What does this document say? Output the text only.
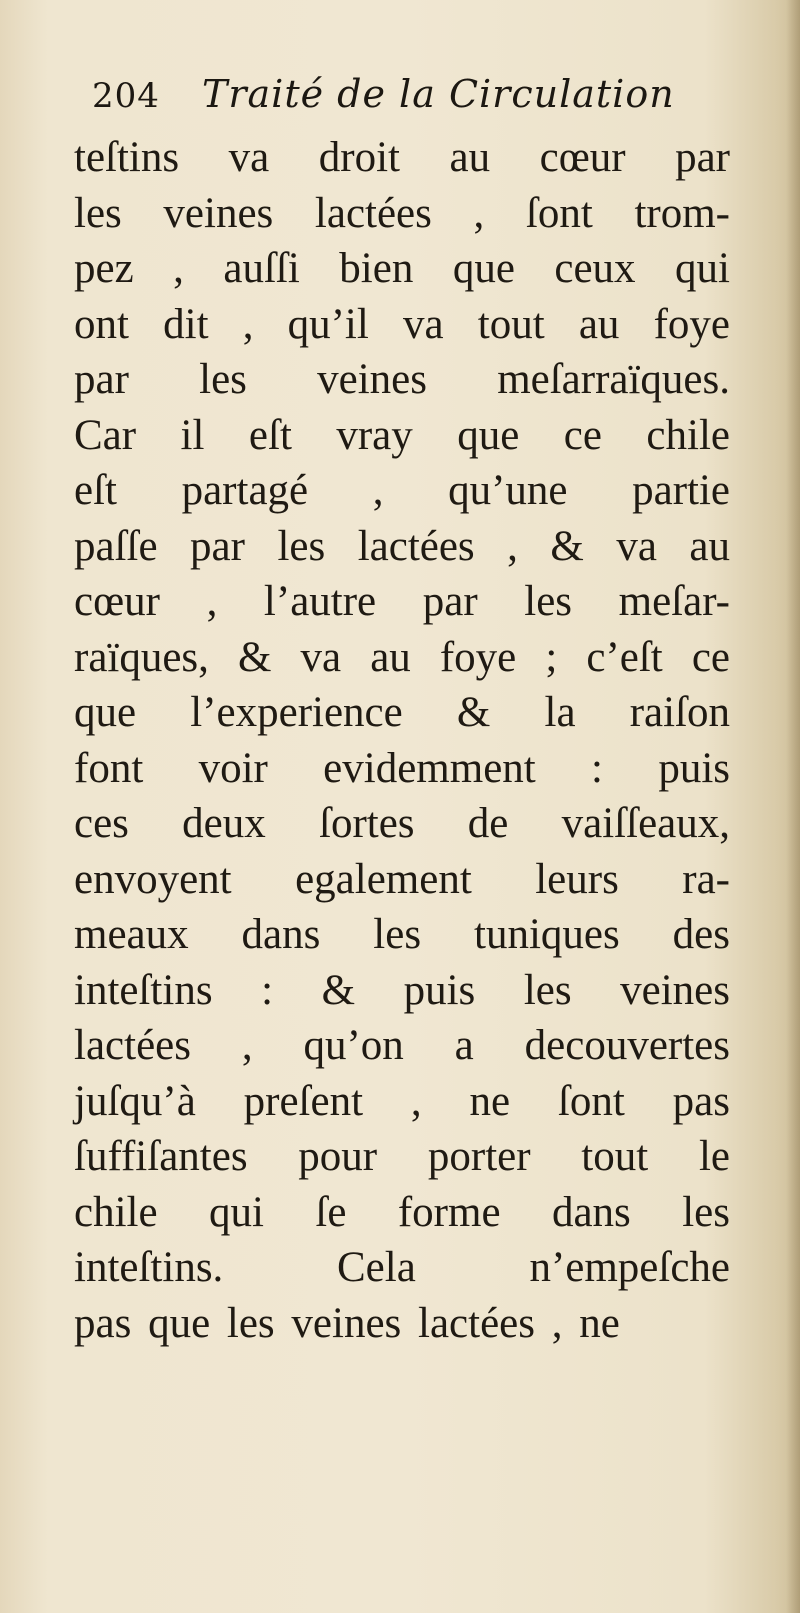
204 Traité de la Circulation
teſtins va droit au cœur par
les veines lactées , ſont trom-
pez , auſſi bien que ceux qui
ont dit , qu’il va tout au foye
par les veines meſarraïques.
Car il eſt vray que ce chile
eſt partagé , qu’une partie
paſſe par les lactées , & va au
cœur , l’autre par les meſar-
raïques, & va au foye ; c’eſt ce
que l’experience & la raiſon
font voir evidemment : puis
ces deux ſortes de vaiſſeaux,
envoyent egalement leurs ra-
meaux dans les tuniques des
inteſtins : & puis les veines
lactées , qu’on a decouvertes
juſqu’à preſent , ne ſont pas
ſuffiſantes pour porter tout le
chile qui ſe forme dans les
inteſtins. Cela n’empeſche
pas que les veines lactées , ne
